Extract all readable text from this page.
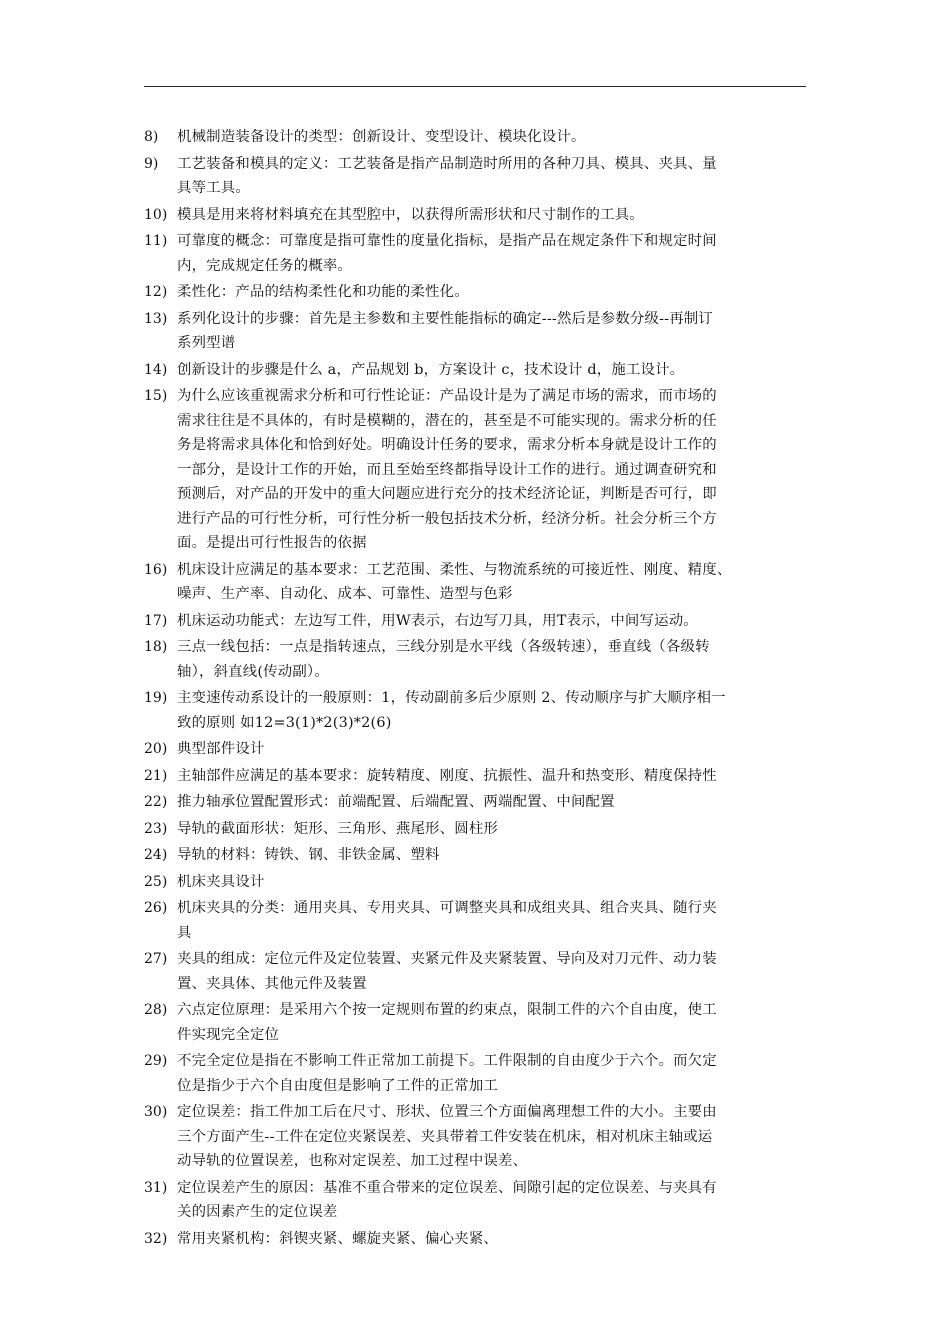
8)	机械制造装备设计的类型：创新设计、变型设计、模块化设计。
9)	工艺装备和模具的定义：工艺装备是指产品制造时所用的各种刀具、模具、夹具、量
具等工具。
10) 模具是用来将材料填充在其型腔中，以获得所需形状和尺寸制作的工具。
11) 可靠度的概念：可靠度是指可靠性的度量化指标，是指产品在规定条件下和规定时间
内，完成规定任务的概率。
12) 柔性化：产品的结构柔性化和功能的柔性化。
13) 系列化设计的步骤：首先是主参数和主要性能指标的确定---然后是参数分级--再制订
系列型谱
14) 创新设计的步骤是什么 a，产品规划 b，方案设计 c，技术设计 d，施工设计。
15) 为什么应该重视需求分析和可行性论证：产品设计是为了满足市场的需求，而市场的
需求往往是不具体的，有时是模糊的，潜在的，甚至是不可能实现的。需求分析的任
务是将需求具体化和恰到好处。明确设计任务的要求，需求分析本身就是设计工作的
一部分，是设计工作的开始，而且至始至终都指导设计工作的进行。通过调查研究和
预测后，对产品的开发中的重大问题应进行充分的技术经济论证，判断是否可行，即
进行产品的可行性分析，可行性分析一般包括技术分析，经济分析。社会分析三个方
面。是提出可行性报告的依据
16) 机床设计应满足的基本要求：工艺范围、柔性、与物流系统的可接近性、刚度、精度、
噪声、生产率、自动化、成本、可靠性、造型与色彩
17) 机床运动功能式：左边写工件，用W表示，右边写刀具，用T表示，中间写运动。
18) 三点一线包括：一点是指转速点，三线分别是水平线（各级转速），垂直线（各级转
轴），斜直线(传动副）。
19) 主变速传动系设计的一般原则：1，传动副前多后少原则 2、传动顺序与扩大顺序相一
致的原则 如12=3(1)*2(3)*2(6)
20) 典型部件设计
21) 主轴部件应满足的基本要求：旋转精度、刚度、抗振性、温升和热变形、精度保持性
22) 推力轴承位置配置形式：前端配置、后端配置、两端配置、中间配置
23) 导轨的截面形状：矩形、三角形、燕尾形、圆柱形
24) 导轨的材料：铸铁、钢、非铁金属、塑料
25) 机床夹具设计
26) 机床夹具的分类：通用夹具、专用夹具、可调整夹具和成组夹具、组合夹具、随行夹
具
27) 夹具的组成：定位元件及定位装置、夹紧元件及夹紧装置、导向及对刀元件、动力装
置、夹具体、其他元件及装置
28) 六点定位原理：是采用六个按一定规则布置的约束点，限制工件的六个自由度，使工
件实现完全定位
29) 不完全定位是指在不影响工件正常加工前提下。工件限制的自由度少于六个。而欠定
位是指少于六个自由度但是影响了工件的正常加工
30) 定位误差：指工件加工后在尺寸、形状、位置三个方面偏离理想工件的大小。主要由
三个方面产生--工件在定位夹紧误差、夹具带着工件安装在机床，相对机床主轴或运
动导轨的位置误差，也称对定误差、加工过程中误差、
31) 定位误差产生的原因：基准不重合带来的定位误差、间隙引起的定位误差、与夹具有
关的因素产生的定位误差
32) 常用夹紧机构：斜锲夹紧、螺旋夹紧、偏心夹紧、
